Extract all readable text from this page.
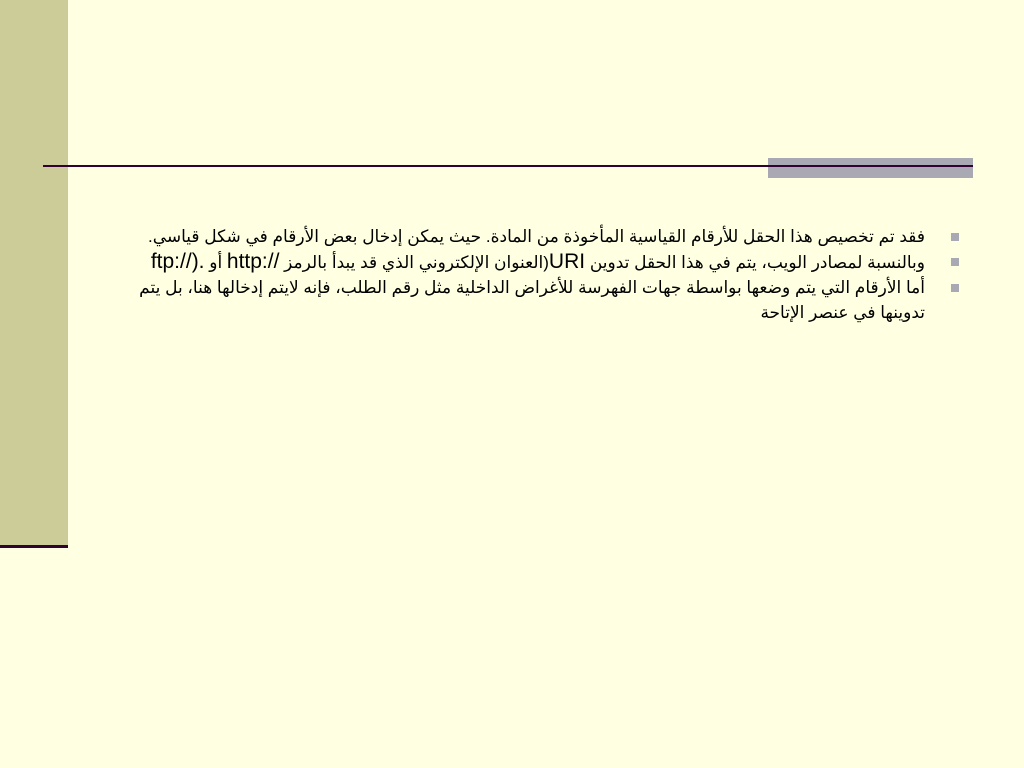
فقد تم تخصيص هذا الحقل للأرقام القياسية المأخوذة من المادة. حيث يمكن إدخال بعض الأرقام في شكل قياسي.
وبالنسبة لمصادر الويب، يتم في هذا الحقل تدوين URI(العنوان الإلكتروني الذي قد يبدأ بالرمز http:// أو ftp://).
أما الأرقام التي يتم وضعها بواسطة جهات الفهرسة للأغراض الداخلية مثل رقم الطلب، فإنه لايتم إدخالها هنا، بل يتم تدوينها في عنصر الإتاحة
